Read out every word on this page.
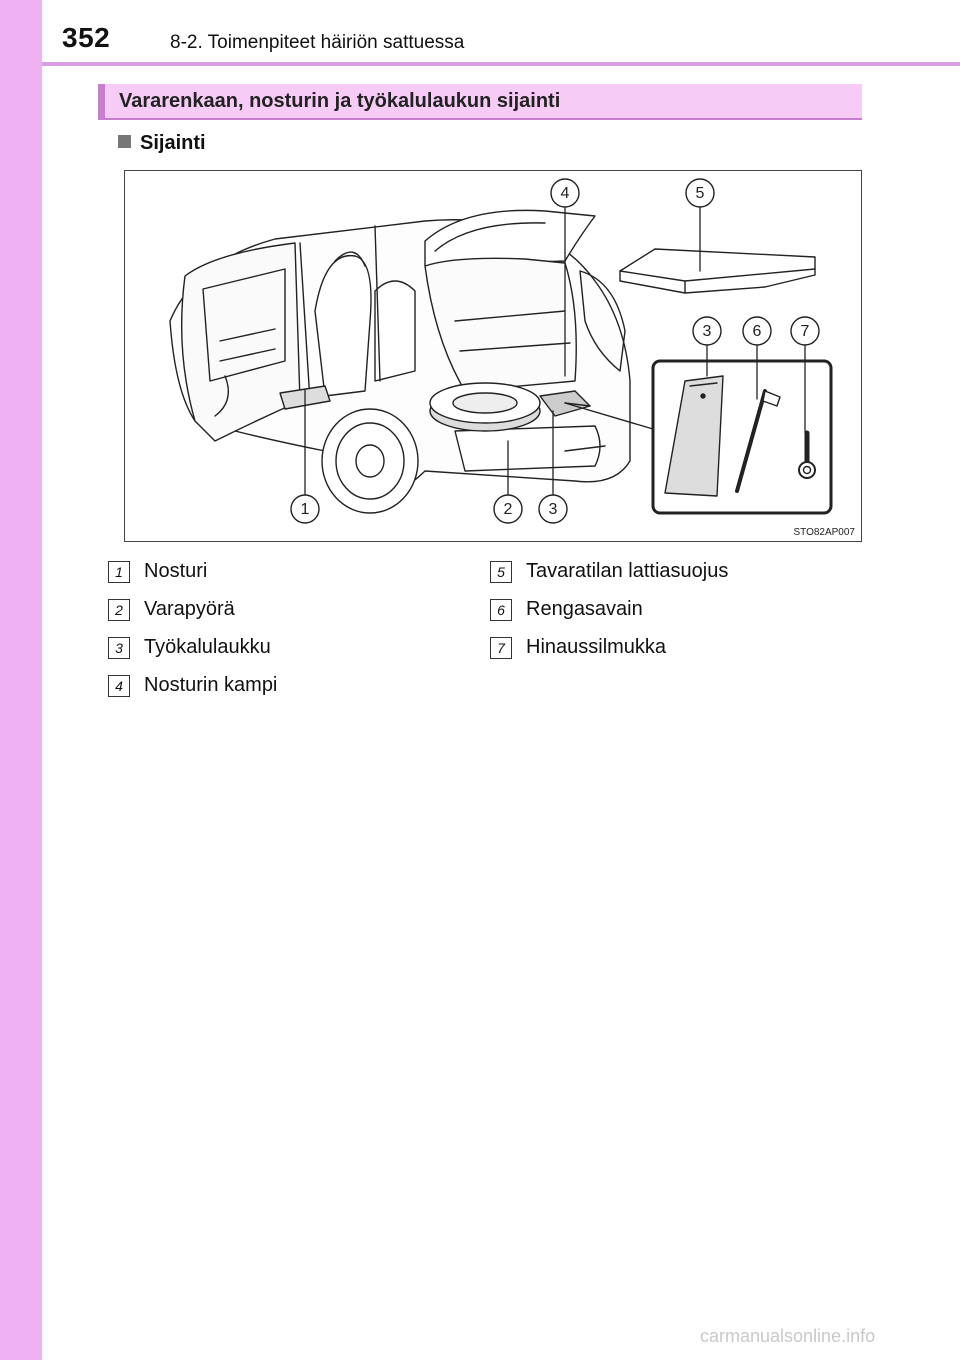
352	8-2. Toimenpiteet häiriön sattuessa
Vararenkaan, nosturin ja työkalulaukun sijainti
Sijainti
1	2 3
4	5
3	6 7
STO82AP007
1	Nosturi
2	Varapyörä
3	Työkalulaukku
4	Nosturin kampi
5	Tavaratilan lattiasuojus
6	Rengasavain
7	Hinaussilmukka
carmanualsonline.info
